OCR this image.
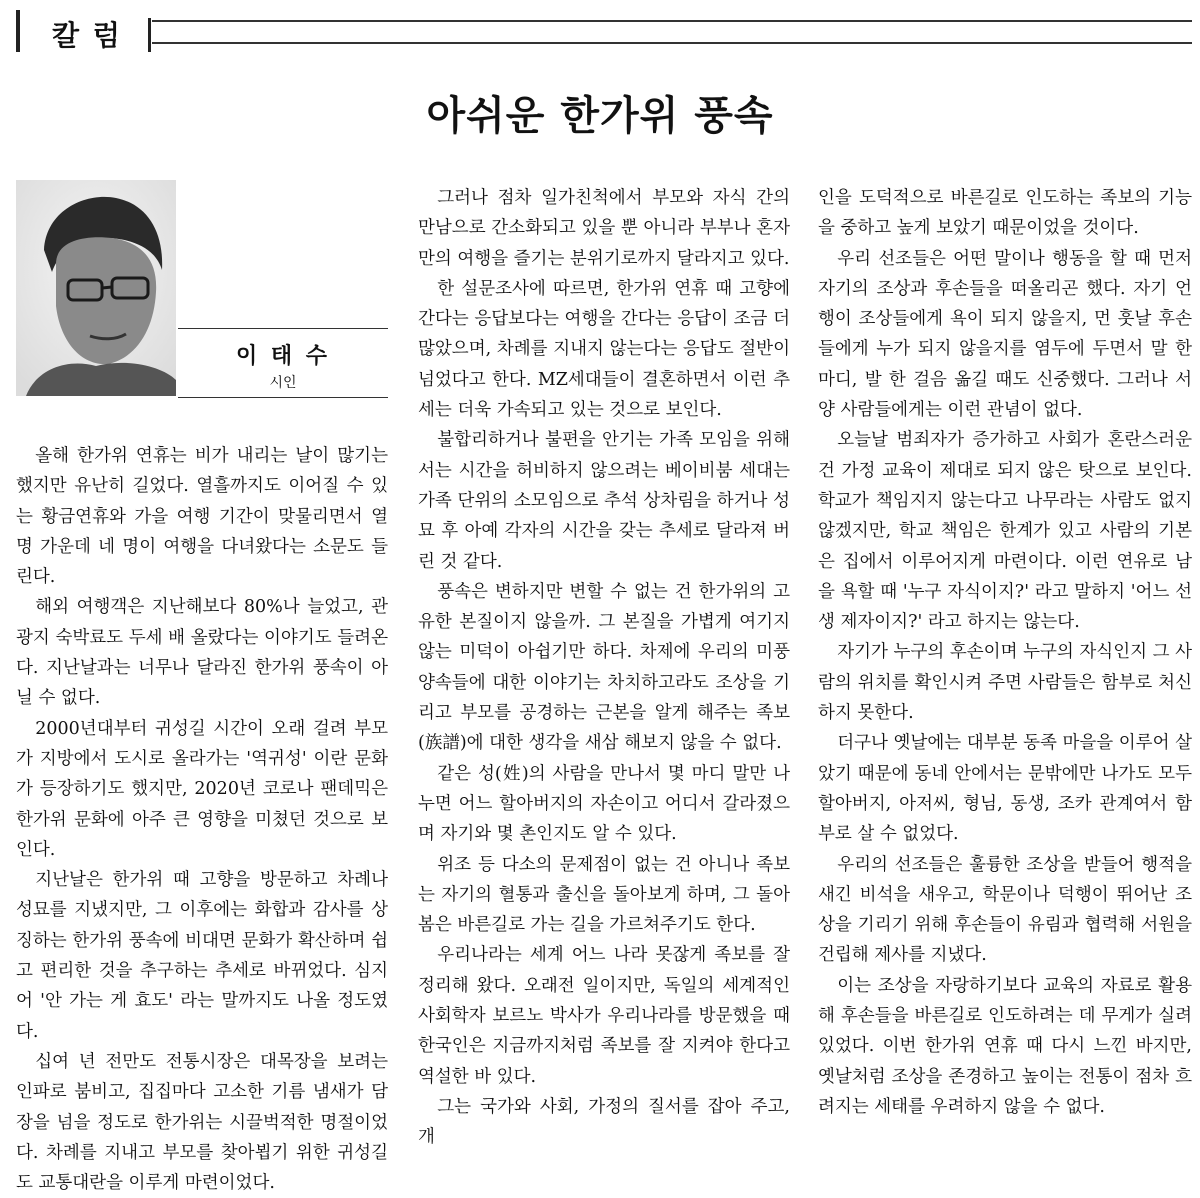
칼 럼
아쉬운 한가위 풍속
이 태 수
시인

올해 한가위 연휴는 비가 내리는 날이 많기는 했지만 유난히 길었다. 열흘까지도 이어질 수 있는 황금연휴와 가을 여행 기간이 맞물리면서 열 명 가운데 네 명이 여행을 다녀왔다는 소문도 들린다.

해외 여행객은 지난해보다 80%나 늘었고, 관광지 숙박료도 두세 배 올랐다는 이야기도 들려온다. 지난날과는 너무나 달라진 한가위 풍속이 아닐 수 없다.

2000년대부터 귀성길 시간이 오래 걸려 부모가 지방에서 도시로 올라가는 '역귀성' 이란 문화가 등장하기도 했지만, 2020년 코로나 팬데믹은 한가위 문화에 아주 큰 영향을 미쳤던 것으로 보인다.

지난날은 한가위 때 고향을 방문하고 차례나 성묘를 지냈지만, 그 이후에는 화합과 감사를 상징하는 한가위 풍속에 비대면 문화가 확산하며 쉽고 편리한 것을 추구하는 추세로 바뀌었다. 심지어 '안 가는 게 효도' 라는 말까지도 나올 정도였다.

십여 년 전만도 전통시장은 대목장을 보려는 인파로 붐비고, 집집마다 고소한 기름 냄새가 담장을 넘을 정도로 한가위는 시끌벅적한 명절이었다. 차례를 지내고 부모를 찾아뵙기 위한 귀성길도 교통대란을 이루게 마련이었다.

그러나 점차 일가친척에서 부모와 자식 간의 만남으로 간소화되고 있을 뿐 아니라 부부나 혼자만의 여행을 즐기는 분위기로까지 달라지고 있다.

한 설문조사에 따르면, 한가위 연휴 때 고향에 간다는 응답보다는 여행을 간다는 응답이 조금 더 많았으며, 차례를 지내지 않는다는 응답도 절반이 넘었다고 한다. MZ세대들이 결혼하면서 이런 추세는 더욱 가속되고 있는 것으로 보인다.

불합리하거나 불편을 안기는 가족 모임을 위해서는 시간을 허비하지 않으려는 베이비붐 세대는 가족 단위의 소모임으로 추석 상차림을 하거나 성묘 후 아예 각자의 시간을 갖는 추세로 달라져 버린 것 같다.

풍속은 변하지만 변할 수 없는 건 한가위의 고유한 본질이지 않을까. 그 본질을 가볍게 여기지 않는 미덕이 아쉽기만 하다. 차제에 우리의 미풍양속들에 대한 이야기는 차치하고라도 조상을 기리고 부모를 공경하는 근본을 알게 해주는 족보(族譜)에 대한 생각을 새삼 해보지 않을 수 없다.

같은 성(姓)의 사람을 만나서 몇 마디 말만 나누면 어느 할아버지의 자손이고 어디서 갈라졌으며 자기와 몇 촌인지도 알 수 있다.

위조 등 다소의 문제점이 없는 건 아니나 족보는 자기의 혈통과 출신을 돌아보게 하며, 그 돌아봄은 바른길로 가는 길을 가르쳐주기도 한다.

우리나라는 세계 어느 나라 못잖게 족보를 잘 정리해 왔다. 오래전 일이지만, 독일의 세계적인 사회학자 보르노 박사가 우리나라를 방문했을 때 한국인은 지금까지처럼 족보를 잘 지켜야 한다고 역설한 바 있다.

그는 국가와 사회, 가정의 질서를 잡아 주고, 개

인을 도덕적으로 바른길로 인도하는 족보의 기능을 중하고 높게 보았기 때문이었을 것이다.

우리 선조들은 어떤 말이나 행동을 할 때 먼저 자기의 조상과 후손들을 떠올리곤 했다. 자기 언행이 조상들에게 욕이 되지 않을지, 먼 훗날 후손들에게 누가 되지 않을지를 염두에 두면서 말 한마디, 발 한 걸음 옮길 때도 신중했다. 그러나 서양 사람들에게는 이런 관념이 없다.

오늘날 범죄자가 증가하고 사회가 혼란스러운 건 가정 교육이 제대로 되지 않은 탓으로 보인다. 학교가 책임지지 않는다고 나무라는 사람도 없지 않겠지만, 학교 책임은 한계가 있고 사람의 기본은 집에서 이루어지게 마련이다. 이런 연유로 남을 욕할 때 '누구 자식이지?' 라고 말하지 '어느 선생 제자이지?' 라고 하지는 않는다.

자기가 누구의 후손이며 누구의 자식인지 그 사람의 위치를 확인시켜 주면 사람들은 함부로 처신하지 못한다.

더구나 옛날에는 대부분 동족 마을을 이루어 살았기 때문에 동네 안에서는 문밖에만 나가도 모두 할아버지, 아저씨, 형님, 동생, 조카 관계여서 함부로 살 수 없었다.

우리의 선조들은 훌륭한 조상을 받들어 행적을 새긴 비석을 새우고, 학문이나 덕행이 뛰어난 조상을 기리기 위해 후손들이 유림과 협력해 서원을 건립해 제사를 지냈다.

이는 조상을 자랑하기보다 교육의 자료로 활용해 후손들을 바른길로 인도하려는 데 무게가 실려 있었다. 이번 한가위 연휴 때 다시 느낀 바지만, 옛날처럼 조상을 존경하고 높이는 전통이 점차 흐려지는 세태를 우려하지 않을 수 없다.
